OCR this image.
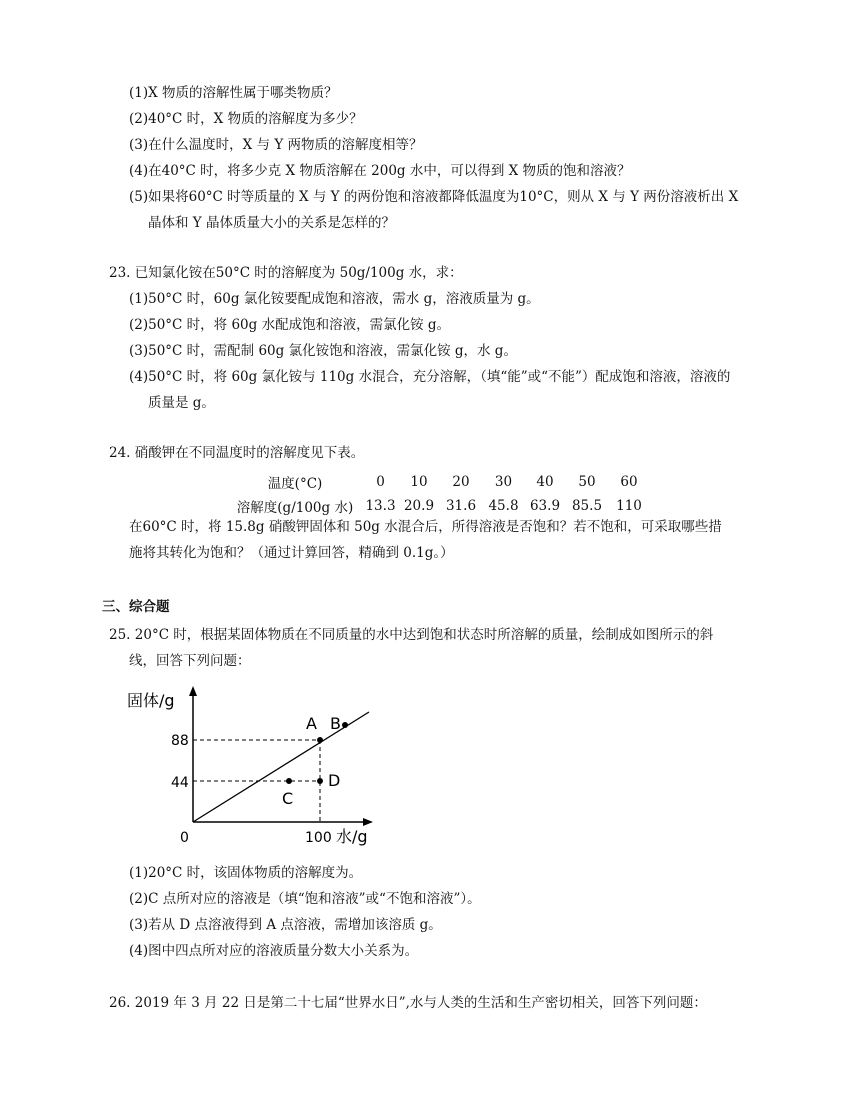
(1)X 物质的溶解性属于哪类物质？
(2)40°C 时，X 物质的溶解度为多少？
(3)在什么温度时，X 与 Y 两物质的溶解度相等？
(4)在40°C 时，将多少克 X 物质溶解在 200g 水中，可以得到 X 物质的饱和溶液？
(5)如果将60°C 时等质量的 X 与 Y 的两份饱和溶液都降低温度为10°C，则从 X 与 Y 两份溶液析出 X
晶体和 Y 晶体质量大小的关系是怎样的？
23. 已知氯化铵在50°C 时的溶解度为 50g/100g 水，求：
(1)50°C 时，60g 氯化铵要配成饱和溶液，需水 g，溶液质量为 g。
(2)50°C 时，将 60g 水配成饱和溶液，需氯化铵 g。
(3)50°C 时，需配制 60g 氯化铵饱和溶液，需氯化铵 g，水 g。
(4)50°C 时，将 60g 氯化铵与 110g 水混合，充分溶解，（填“能”或“不能”）配成饱和溶液，溶液的
质量是 g。
24. 硝酸钾在不同温度时的溶解度见下表。
温度(°C)	0	10	20	30	40	50	60
溶解度(g/100g 水)	13.3	20.9	31.6	45.8	63.9	85.5	110
在60°C 时，将 15.8g 硝酸钾固体和 50g 水混合后，所得溶液是否饱和？若不饱和，可采取哪些措
施将其转化为饱和？（通过计算回答，精确到 0.1g。）
三、综合题
25. 20°C 时，根据某固体物质在不同质量的水中达到饱和状态时所溶解的质量，绘制成如图所示的斜
线，回答下列问题：
固体/g
水/g
0	100
88
44
A B
C
D
(1)20°C 时，该固体物质的溶解度为。
(2)C 点所对应的溶液是（填“饱和溶液”或“不饱和溶液”）。
(3)若从 D 点溶液得到 A 点溶液，需增加该溶质 g。
(4)图中四点所对应的溶液质量分数大小关系为。
26. 2019 年 3 月 22 日是第二十七届“世界水日”,水与人类的生活和生产密切相关，回答下列问题：
